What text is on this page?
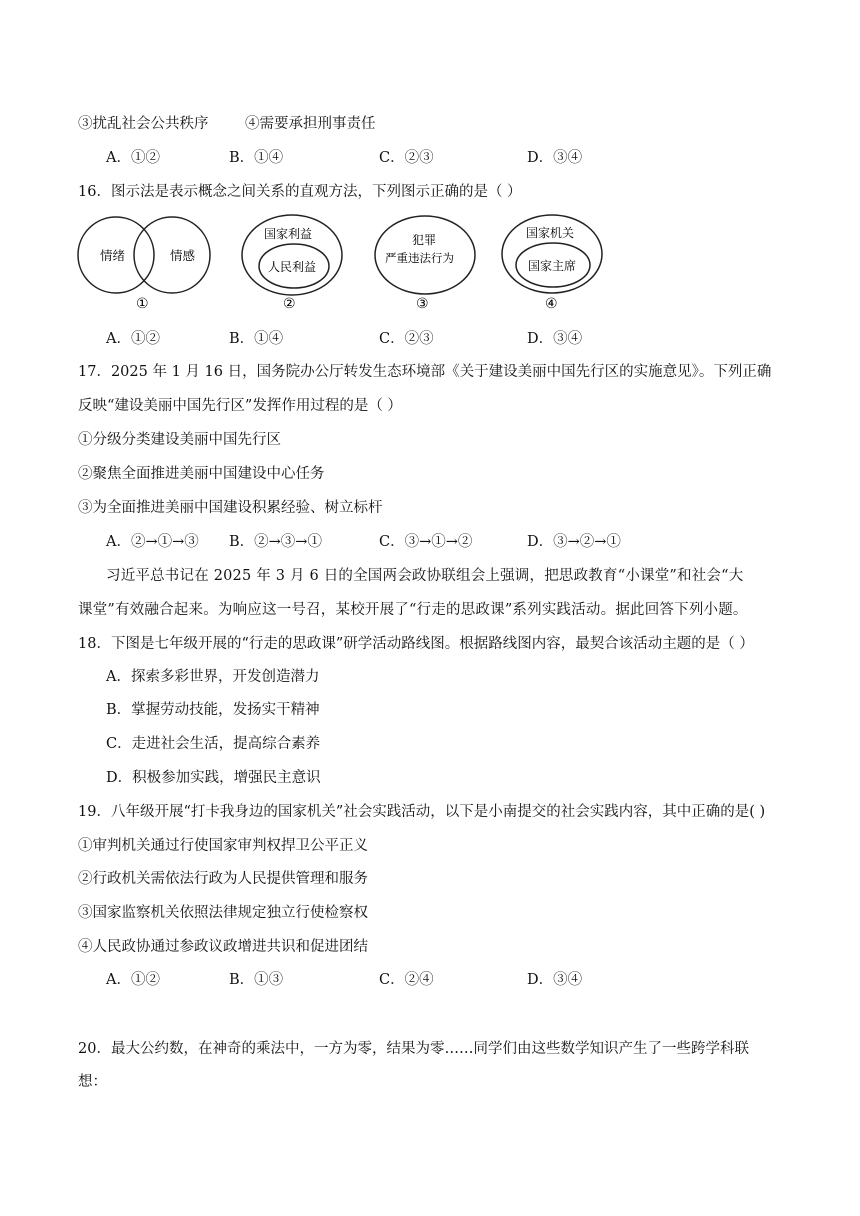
③扰乱社会公共秩序	④需要承担刑事责任
A．①②	B．①④	C．②③	D．③④
16．图示法是表示概念之间关系的直观方法，下列图示正确的是（ ）
情绪	情感
①
国家利益
人民利益
②
犯罪
严重违法行为
③
国家机关
国家主席
④
A．①②	B．①④	C．②③	D．③④
17．2025 年 1 月 16 日，国务院办公厅转发生态环境部《关于建设美丽中国先行区的实施意见》。下列正确
反映“建设美丽中国先行区”发挥作用过程的是（ ）
①分级分类建设美丽中国先行区
②聚焦全面推进美丽中国建设中心任务
③为全面推进美丽中国建设积累经验、树立标杆
A．②→①→③ B．②→③→①	C．③→①→②	D．③→②→①
习近平总书记在 2025 年 3 月 6 日的全国两会政协联组会上强调，把思政教育“小课堂”和社会“大
课堂”有效融合起来。为响应这一号召，某校开展了“行走的思政课”系列实践活动。据此回答下列小题。
18．下图是七年级开展的“行走的思政课”研学活动路线图。根据路线图内容，最契合该活动主题的是（ ）
A．探索多彩世界，开发创造潜力
B．掌握劳动技能，发扬实干精神
C．走进社会生活，提高综合素养
D．积极参加实践，增强民主意识
19．八年级开展“打卡我身边的国家机关”社会实践活动，以下是小南提交的社会实践内容，其中正确的是( )
①审判机关通过行使国家审判权捍卫公平正义
②行政机关需依法行政为人民提供管理和服务
③国家监察机关依照法律规定独立行使检察权
④人民政协通过参政议政增进共识和促进团结
A．①②	B．①③	C．②④	D．③④
20．最大公约数，在神奇的乘法中，一方为零，结果为零……同学们由这些数学知识产生了一些跨学科联
想：
